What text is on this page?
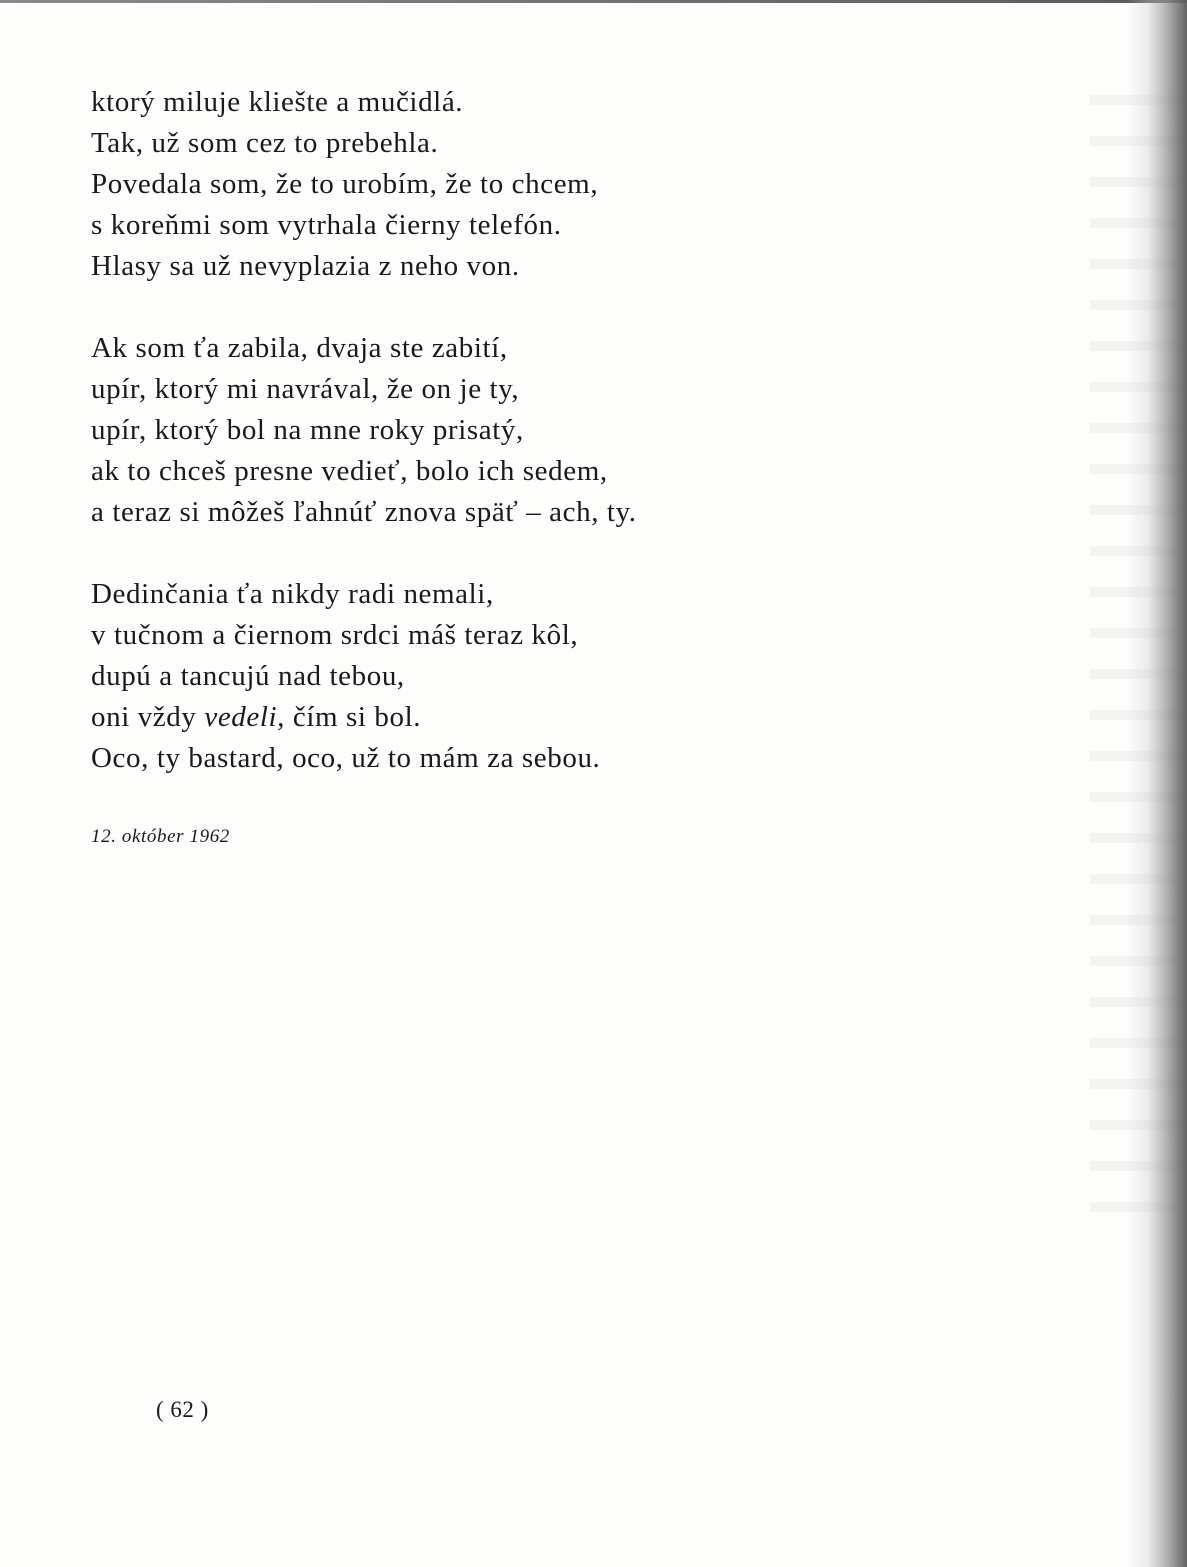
ktorý miluje kliešte a mučidlá.
Tak, už som cez to prebehla.
Povedala som, že to urobím, že to chcem,
s koreňmi som vytrhala čierny telefón.
Hlasy sa už nevyplazia z neho von.
Ak som ťa zabila, dvaja ste zabití,
upír, ktorý mi navrával, že on je ty,
upír, ktorý bol na mne roky prisatý,
ak to chceš presne vedieť, bolo ich sedem,
a teraz si môžeš ľahnúť znova späť – ach, ty.
Dedinčania ťa nikdy radi nemali,
v tučnom a čiernom srdci máš teraz kôl,
dupú a tancujú nad tebou,
oni vždy vedeli, čím si bol.
Oco, ty bastard, oco, už to mám za sebou.
12. október 1962
( 62 )
